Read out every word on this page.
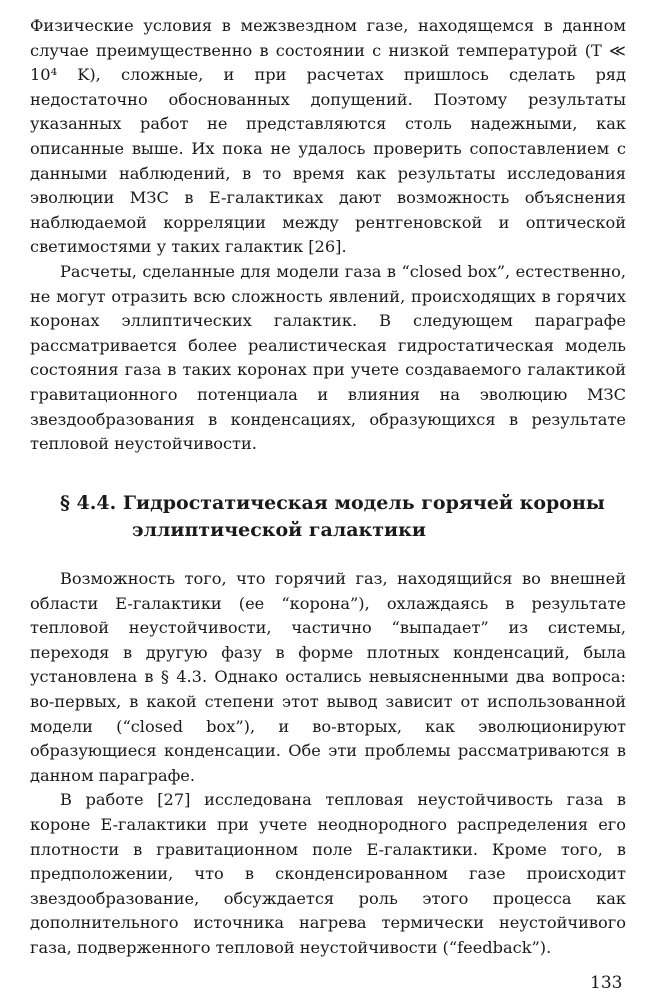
Физические условия в межзвездном газе, находящемся в данном случае преимущественно в состоянии с низкой температурой (T ≪ 10⁴ K), сложные, и при расчетах пришлось сделать ряд недостаточно обоснованных допущений. Поэтому результаты указанных работ не представляются столь надежными, как описанные выше. Их пока не удалось проверить сопоставлением с данными наблюдений, в то время как результаты исследования эволюции МЗС в E-галактиках дают возможность объяснения наблюдаемой корреляции между рентгеновской и оптической светимостями у таких галактик [26].

Расчеты, сделанные для модели газа в “closed box”, естественно, не могут отразить всю сложность явлений, происходящих в горячих коронах эллиптических галактик. В следующем параграфе рассматривается более реалистическая гидростатическая модель состояния газа в таких коронах при учете создаваемого галактикой гравитационного потенциала и влияния на эволюцию МЗС звездообразования в конденсациях, образующихся в результате тепловой неустойчивости.

§ 4.4. Гидростатическая модель горячей короны
эллиптической галактики

Возможность того, что горячий газ, находящийся во внешней области E-галактики (ее “корона”), охлаждаясь в результате тепловой неустойчивости, частично “выпадает” из системы, переходя в другую фазу в форме плотных конденсаций, была установлена в § 4.3. Однако остались невыясненными два вопроса: во-первых, в какой степени этот вывод зависит от использованной модели (“closed box”), и во-вторых, как эволюционируют образующиеся конденсации. Обе эти проблемы рассматриваются в данном параграфе.

В работе [27] исследована тепловая неустойчивость газа в короне E-галактики при учете неоднородного распределения его плотности в гравитационном поле E-галактики. Кроме того, в предположении, что в сконденсированном газе происходит звездообразование, обсуждается роль этого процесса как дополнительного источника нагрева термически неустойчивого газа, подверженного тепловой неустойчивости (“feedback”).

133
